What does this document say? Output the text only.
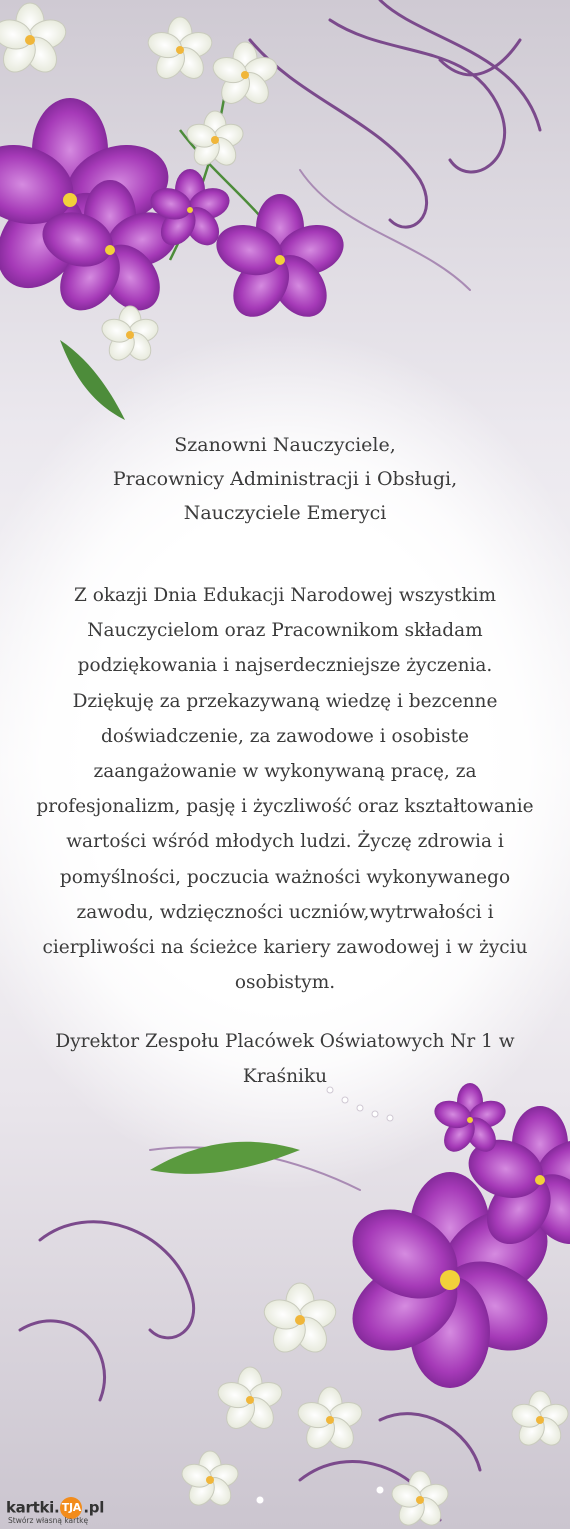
Szanowni Nauczyciele,
Pracownicy Administracji i Obsługi,
Nauczyciele Emeryci
Z okazji Dnia Edukacji Narodowej wszystkim
Nauczycielom oraz Pracownikom składam
podziękowania i najserdeczniejsze życzenia.
Dziękuję za przekazywaną wiedzę i bezcenne
doświadczenie, za zawodowe i osobiste
zaangażowanie w wykonywaną pracę, za
profesjonalizm, pasję i życzliwość oraz kształtowanie
wartości wśród młodych ludzi. Życzę zdrowia i
pomyślności, poczucia ważności wykonywanego
zawodu, wdzięczności uczniów,wytrwałości i
cierpliwości na ścieżce kariery zawodowej i w życiu
osobistym.
Dyrektor Zespołu Placówek Oświatowych Nr 1 w
Kraśniku
kartki. TJA .pl
Stwórz własną kartkę
